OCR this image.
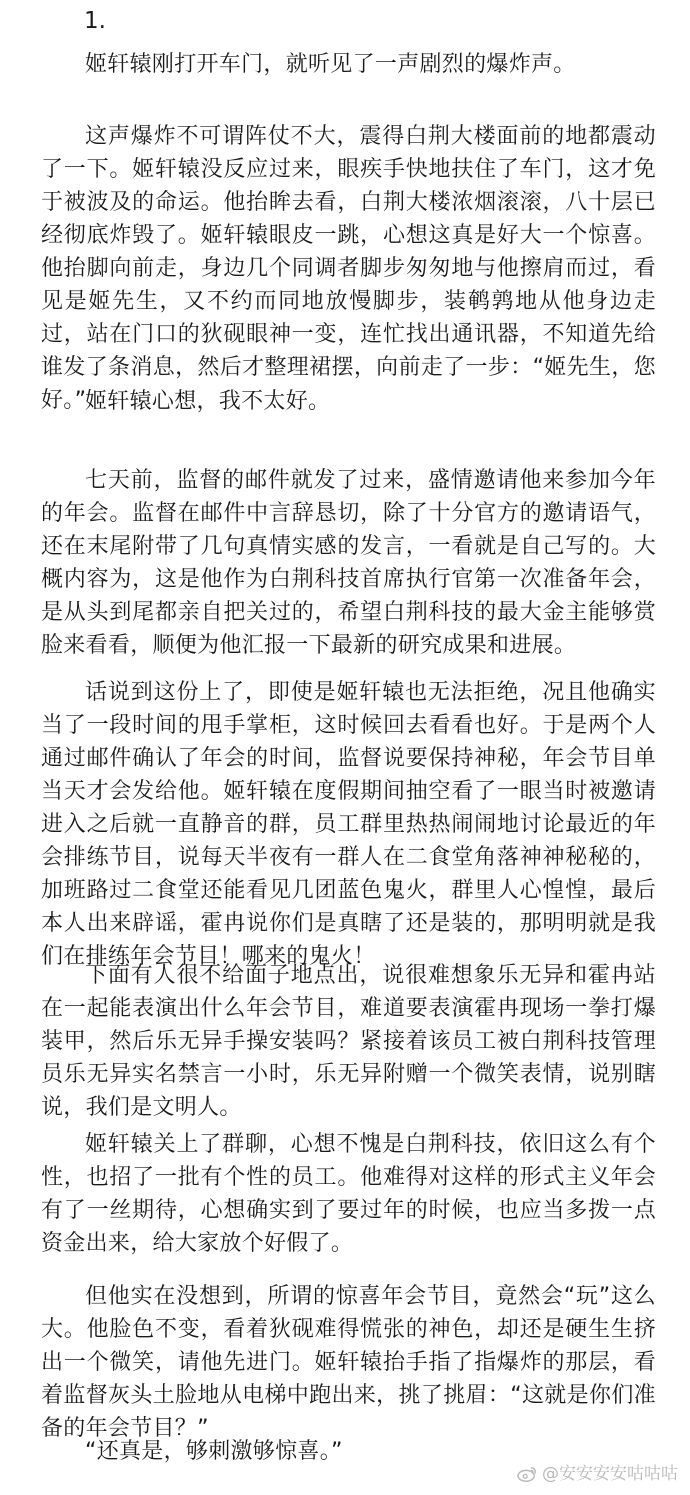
1.

姬轩辕刚打开车门，就听见了一声剧烈的爆炸声。

这声爆炸不可谓阵仗不大，震得白荆大楼面前的地都震动了一下。姬轩辕没反应过来，眼疾手快地扶住了车门，这才免于被波及的命运。他抬眸去看，白荆大楼浓烟滚滚，八十层已经彻底炸毁了。姬轩辕眼皮一跳，心想这真是好大一个惊喜。他抬脚向前走，身边几个同调者脚步匆匆地与他擦肩而过，看见是姬先生，又不约而同地放慢脚步，装鹌鹑地从他身边走过，站在门口的狄砚眼神一变，连忙找出通讯器，不知道先给谁发了条消息，然后才整理裙摆，向前走了一步：“姬先生，您好。”

姬轩辕心想，我不太好。

七天前，监督的邮件就发了过来，盛情邀请他来参加今年的年会。监督在邮件中言辞恳切，除了十分官方的邀请语气，还在末尾附带了几句真情实感的发言，一看就是自己写的。大概内容为，这是他作为白荆科技首席执行官第一次准备年会，是从头到尾都亲自把关过的，希望白荆科技的最大金主能够赏脸来看看，顺便为他汇报一下最新的研究成果和进展。

话说到这份上了，即使是姬轩辕也无法拒绝，况且他确实当了一段时间的甩手掌柜，这时候回去看看也好。于是两个人通过邮件确认了年会的时间，监督说要保持神秘，年会节目单当天才会发给他。姬轩辕在度假期间抽空看了一眼当时被邀请进入之后就一直静音的群，员工群里热热闹闹地讨论最近的年会排练节目，说每天半夜有一群人在二食堂角落神神秘秘的，加班路过二食堂还能看见几团蓝色鬼火，群里人心惶惶，最后本人出来辟谣，霍冉说你们是真瞎了还是装的，那明明就是我们在排练年会节目！哪来的鬼火！

下面有人很不给面子地点出，说很难想象乐无异和霍冉站在一起能表演出什么年会节目，难道要表演霍冉现场一拳打爆装甲，然后乐无异手操安装吗？紧接着该员工被白荆科技管理员乐无异实名禁言一小时，乐无异附赠一个微笑表情，说别瞎说，我们是文明人。

姬轩辕关上了群聊，心想不愧是白荆科技，依旧这么有个性，也招了一批有个性的员工。他难得对这样的形式主义年会有了一丝期待，心想确实到了要过年的时候，也应当多拨一点资金出来，给大家放个好假了。

但他实在没想到，所谓的惊喜年会节目，竟然会“玩”这么大。他脸色不变，看着狄砚难得慌张的神色，却还是硬生生挤出一个微笑，请他先进门。姬轩辕抬手指了指爆炸的那层，看着监督灰头土脸地从电梯中跑出来，挑了挑眉：“这就是你们准备的年会节目？”

“还真是，够刺激够惊喜。”

@安安安安咕咕咕
